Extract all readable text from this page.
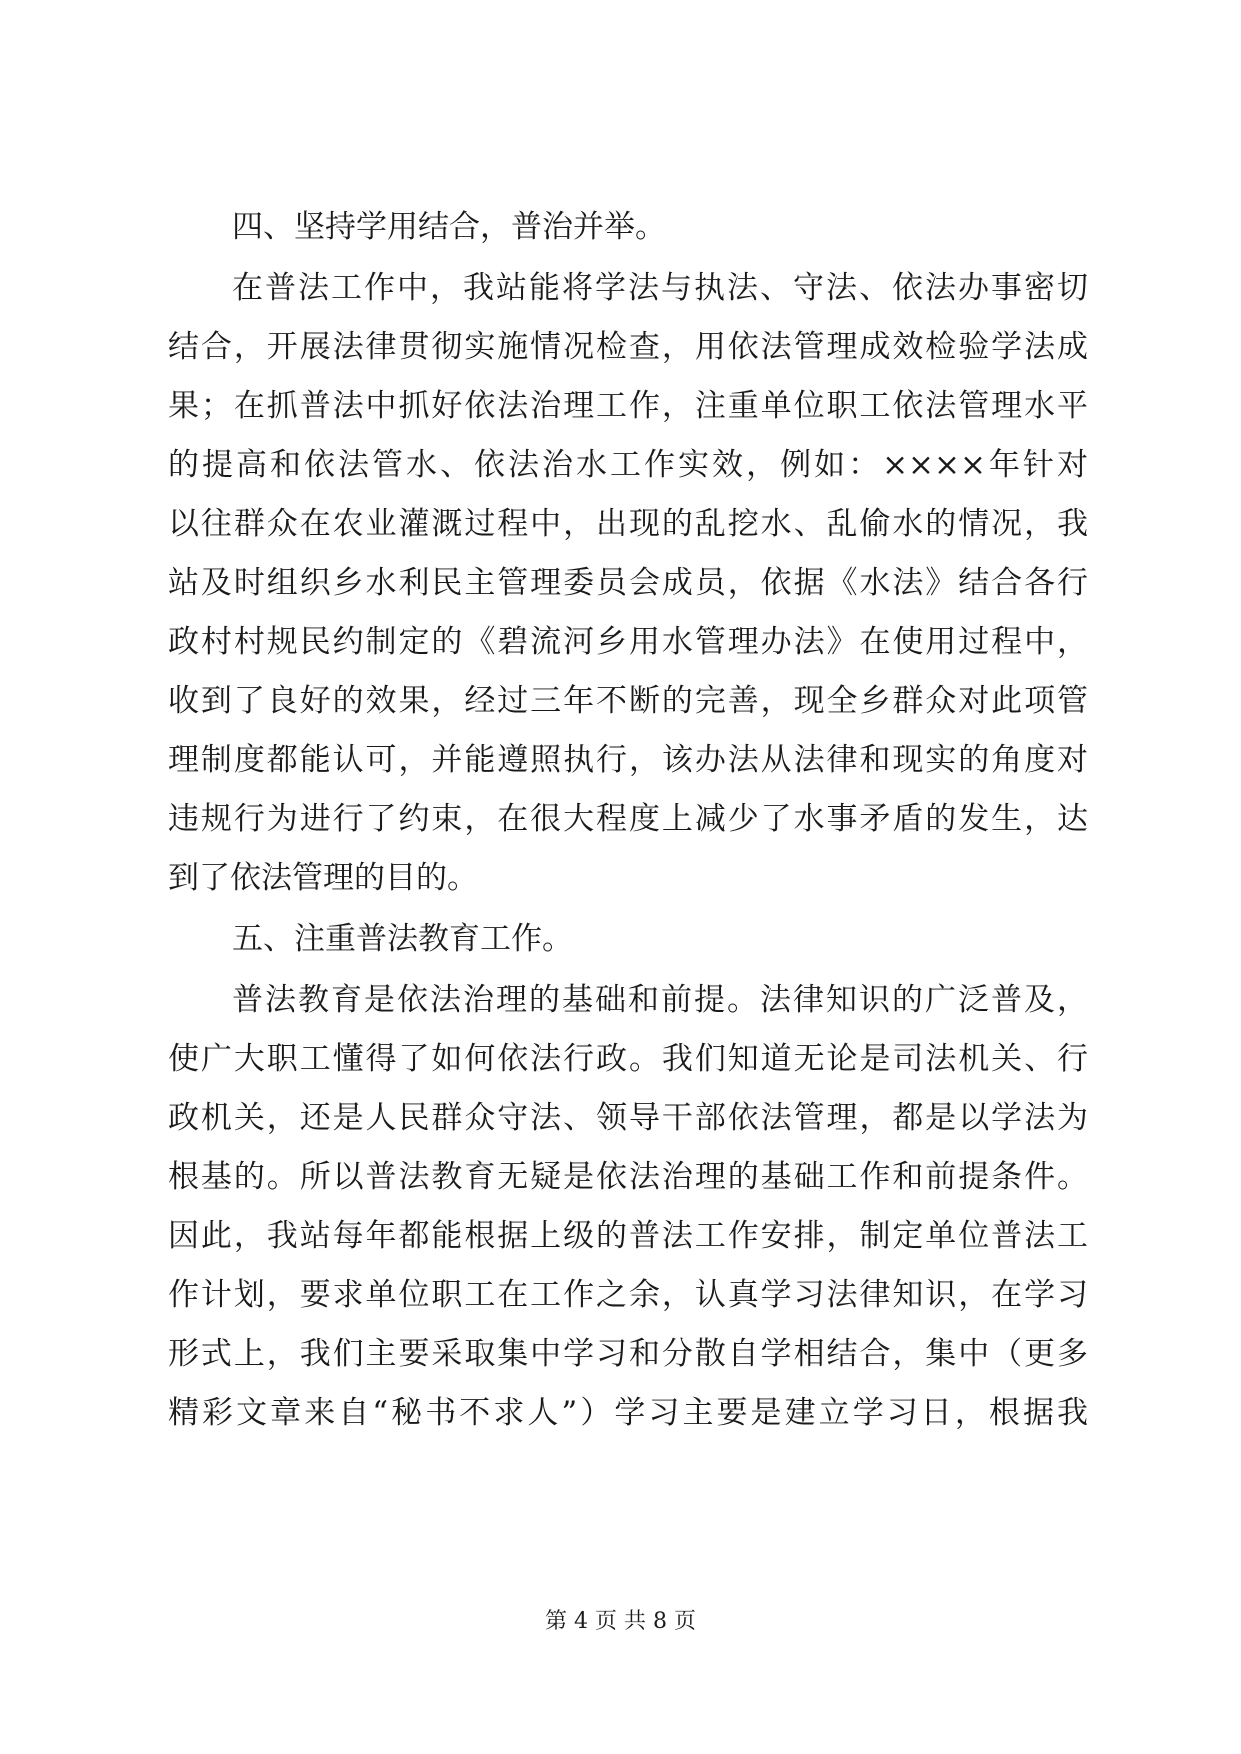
四、坚持学用结合，普治并举。
在普法工作中，我站能将学法与执法、守法、依法办事密切
结合，开展法律贯彻实施情况检查，用依法管理成效检验学法成
果；在抓普法中抓好依法治理工作，注重单位职工依法管理水平
的提高和依法管水、依法治水工作实效，例如：××××年针对
以往群众在农业灌溉过程中，出现的乱挖水、乱偷水的情况，我
站及时组织乡水利民主管理委员会成员，依据《水法》结合各行
政村村规民约制定的《碧流河乡用水管理办法》在使用过程中，
收到了良好的效果，经过三年不断的完善，现全乡群众对此项管
理制度都能认可，并能遵照执行，该办法从法律和现实的角度对
违规行为进行了约束，在很大程度上减少了水事矛盾的发生，达
到了依法管理的目的。
五、注重普法教育工作。
普法教育是依法治理的基础和前提。法律知识的广泛普及，
使广大职工懂得了如何依法行政。我们知道无论是司法机关、行
政机关，还是人民群众守法、领导干部依法管理，都是以学法为
根基的。所以普法教育无疑是依法治理的基础工作和前提条件。
因此，我站每年都能根据上级的普法工作安排，制定单位普法工
作计划，要求单位职工在工作之余，认真学习法律知识，在学习
形式上，我们主要采取集中学习和分散自学相结合，集中（更多
精彩文章来自“秘书不求人”）学习主要是建立学习日，根据我
第 4 页 共 8 页
